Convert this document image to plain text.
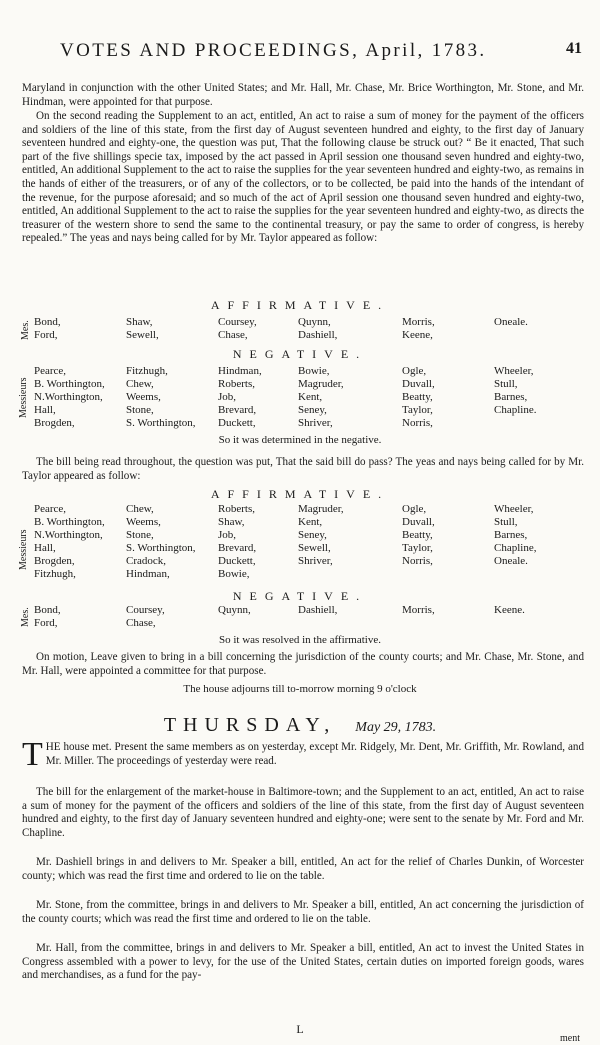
VOTES AND PROCEEDINGS, April, 1783.	41

Maryland in conjunction with the other United States; and Mr. Hall, Mr. Chase, Mr. Brice Worthington, Mr. Stone, and Mr. Hindman, were appointed for that purpose.

On the second reading the Supplement to an act, entitled, An act to raise a sum of money for the payment of the officers and soldiers of the line of this state, from the first day of August seventeen hundred and eighty, to the first day of January seventeen hundred and eighty-one, the question was put, That the following clause be struck out? “ Be it enacted, That such part of the five shillings specie tax, imposed by the act passed in April session one thousand seven hundred and eighty-two, entitled, An additional Supplement to the act to raise the supplies for the year seventeen hundred and eighty-two, as remains in the hands of either of the treasurers, or of any of the collectors, or to be collected, be paid into the hands of the intendant of the revenue, for the purpose aforesaid; and so much of the act of April session one thousand seven hundred and eighty-two, entitled, An additional Supplement to the act to raise the supplies for the year seventeen hundred and eighty-two, as directs the treasurer of the western shore to send the same to the continental treasury, or pay the same to order of congress, is hereby repealed.” The yeas and nays being called for by Mr. Taylor appeared as follow:

AFFIRMATIVE.
Mes. Bond,	Shaw,	Coursey,	Quynn,	Morris,	Oneale.
Ford,	Sewell,	Chase,	Dashiell,	Keene,
NEGATIVE.
Messieurs
Pearce,	Fitzhugh,	Hindman,	Bowie,	Ogle,	Wheeler,
B. Worthington, Chew,	Roberts,	Magruder,	Duvall,	Stull,
N.Worthington, Weems,	Job,	Kent,	Beatty,	Barnes,
Hall,	Stone,	Brevard,	Seney,	Taylor,	Chapline.
Brogden,	S. Worthington, Duckett,	Shriver,	Norris,
So it was determined in the negative.

The bill being read throughout, the question was put, That the said bill do pass? The yeas and nays being called for by Mr. Taylor appeared as follow:

AFFIRMATIVE.
Messieurs
Pearce,	Chew,	Roberts,	Magruder,	Ogle,	Wheeler,
B. Worthington, Weems,	Shaw,	Kent,	Duvall,	Stull,
N.Worthington, Stone,	Job,	Seney,	Beatty,	Barnes,
Hall,	S. Worthington, Brevard,	Sewell,	Taylor,	Chapline,
Brogden,	Cradock,	Duckett,	Shriver,	Norris,	Oneale.
Fitzhugh,	Hindman,	Bowie,
NEGATIVE.
Mes. Bond,	Coursey,	Quynn,	Dashiell,	Morris,	Keene.
Ford,	Chase,
So it was resolved in the affirmative.

On motion, Leave given to bring in a bill concerning the jurisdiction of the county courts; and Mr. Chase, Mr. Stone, and Mr. Hall, were appointed a committee for that purpose.

The house adjourns till to-morrow morning 9 o'clock
THURSDAY, May 29, 1783.

THE house met. Present the same members as on yesterday, except Mr. Ridgely, Mr. Dent, Mr. Griffith, Mr. Rowland, and Mr. Miller. The proceedings of yesterday were read.

The bill for the enlargement of the market-house in Baltimore-town; and the Supplement to an act, entitled, An act to raise a sum of money for the payment of the officers and soldiers of the line of this state, from the first day of August seventeen hundred and eighty, to the first day of January seventeen hundred and eighty-one; were sent to the senate by Mr. Ford and Mr. Chapline.

Mr. Dashiell brings in and delivers to Mr. Speaker a bill, entitled, An act for the relief of Charles Dunkin, of Worcester county; which was read the first time and ordered to lie on the table.

Mr. Stone, from the committee, brings in and delivers to Mr. Speaker a bill, entitled, An act concerning the jurisdiction of the county courts; which was read the first time and ordered to lie on the table.

Mr. Hall, from the committee, brings in and delivers to Mr. Speaker a bill, entitled, An act to invest the United States in Congress assembled with a power to levy, for the use of the United States, certain duties on imported foreign goods, wares and merchandises, as a fund for the pay-

L
ment
